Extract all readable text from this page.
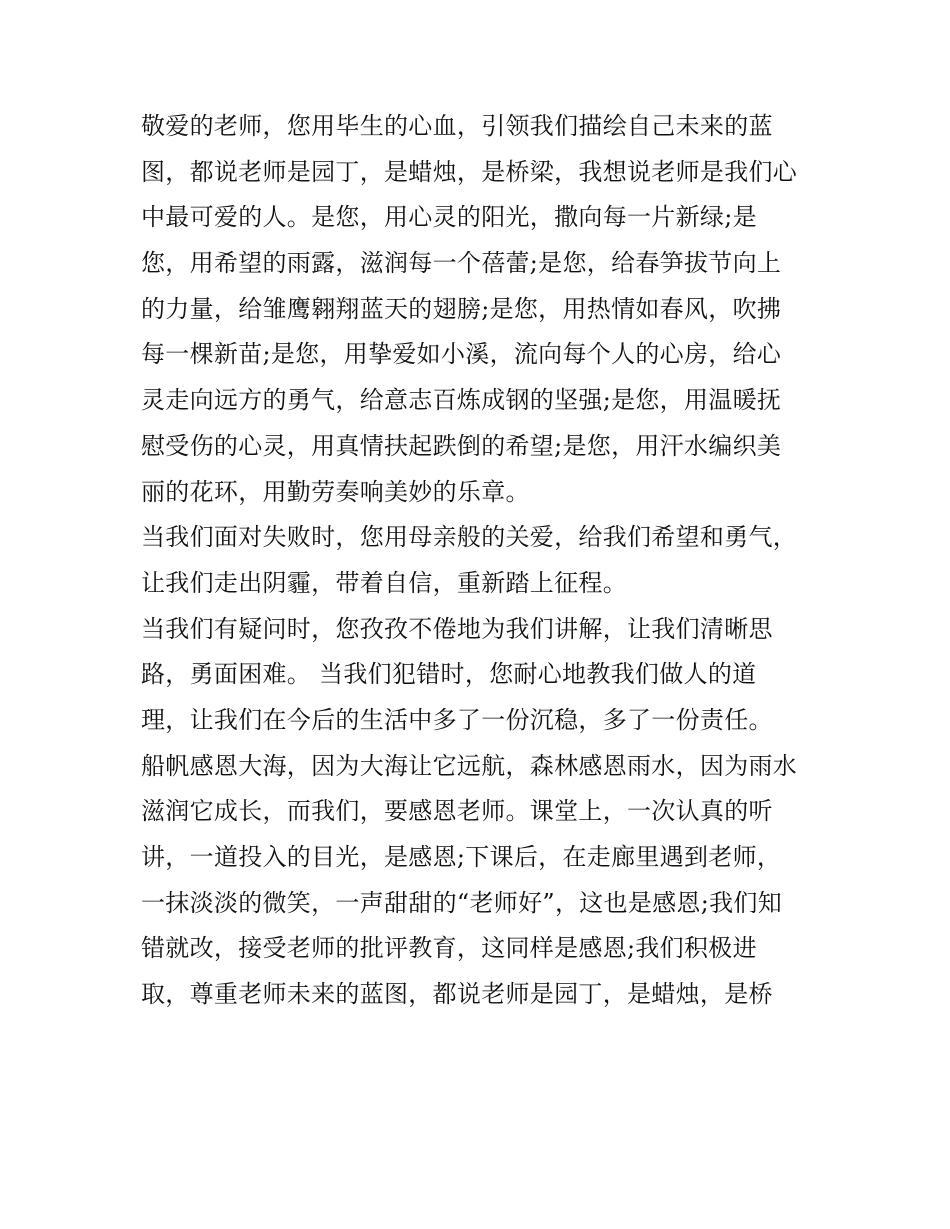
敬爱的老师，您用毕生的心血，引领我们描绘自己未来的蓝
图，都说老师是园丁，是蜡烛，是桥梁，我想说老师是我们心
中最可爱的人。是您，用心灵的阳光，撒向每一片新绿;是
您，用希望的雨露，滋润每一个蓓蕾;是您，给春笋拔节向上
的力量，给雏鹰翱翔蓝天的翅膀;是您，用热情如春风，吹拂
每一棵新苗;是您，用挚爱如小溪，流向每个人的心房，给心
灵走向远方的勇气，给意志百炼成钢的坚强;是您，用温暖抚
慰受伤的心灵，用真情扶起跌倒的希望;是您，用汗水编织美
丽的花环，用勤劳奏响美妙的乐章。
当我们面对失败时，您用母亲般的关爱，给我们希望和勇气，
让我们走出阴霾，带着自信，重新踏上征程。
当我们有疑问时，您孜孜不倦地为我们讲解，让我们清晰思
路，勇面困难。 当我们犯错时，您耐心地教我们做人的道
理，让我们在今后的生活中多了一份沉稳，多了一份责任。
船帆感恩大海，因为大海让它远航，森林感恩雨水，因为雨水
滋润它成长，而我们，要感恩老师。课堂上，一次认真的听
讲，一道投入的目光，是感恩;下课后，在走廊里遇到老师，
一抹淡淡的微笑，一声甜甜的“老师好”，这也是感恩;我们知
错就改，接受老师的批评教育，这同样是感恩;我们积极进
取，尊重老师未来的蓝图，都说老师是园丁，是蜡烛，是桥
